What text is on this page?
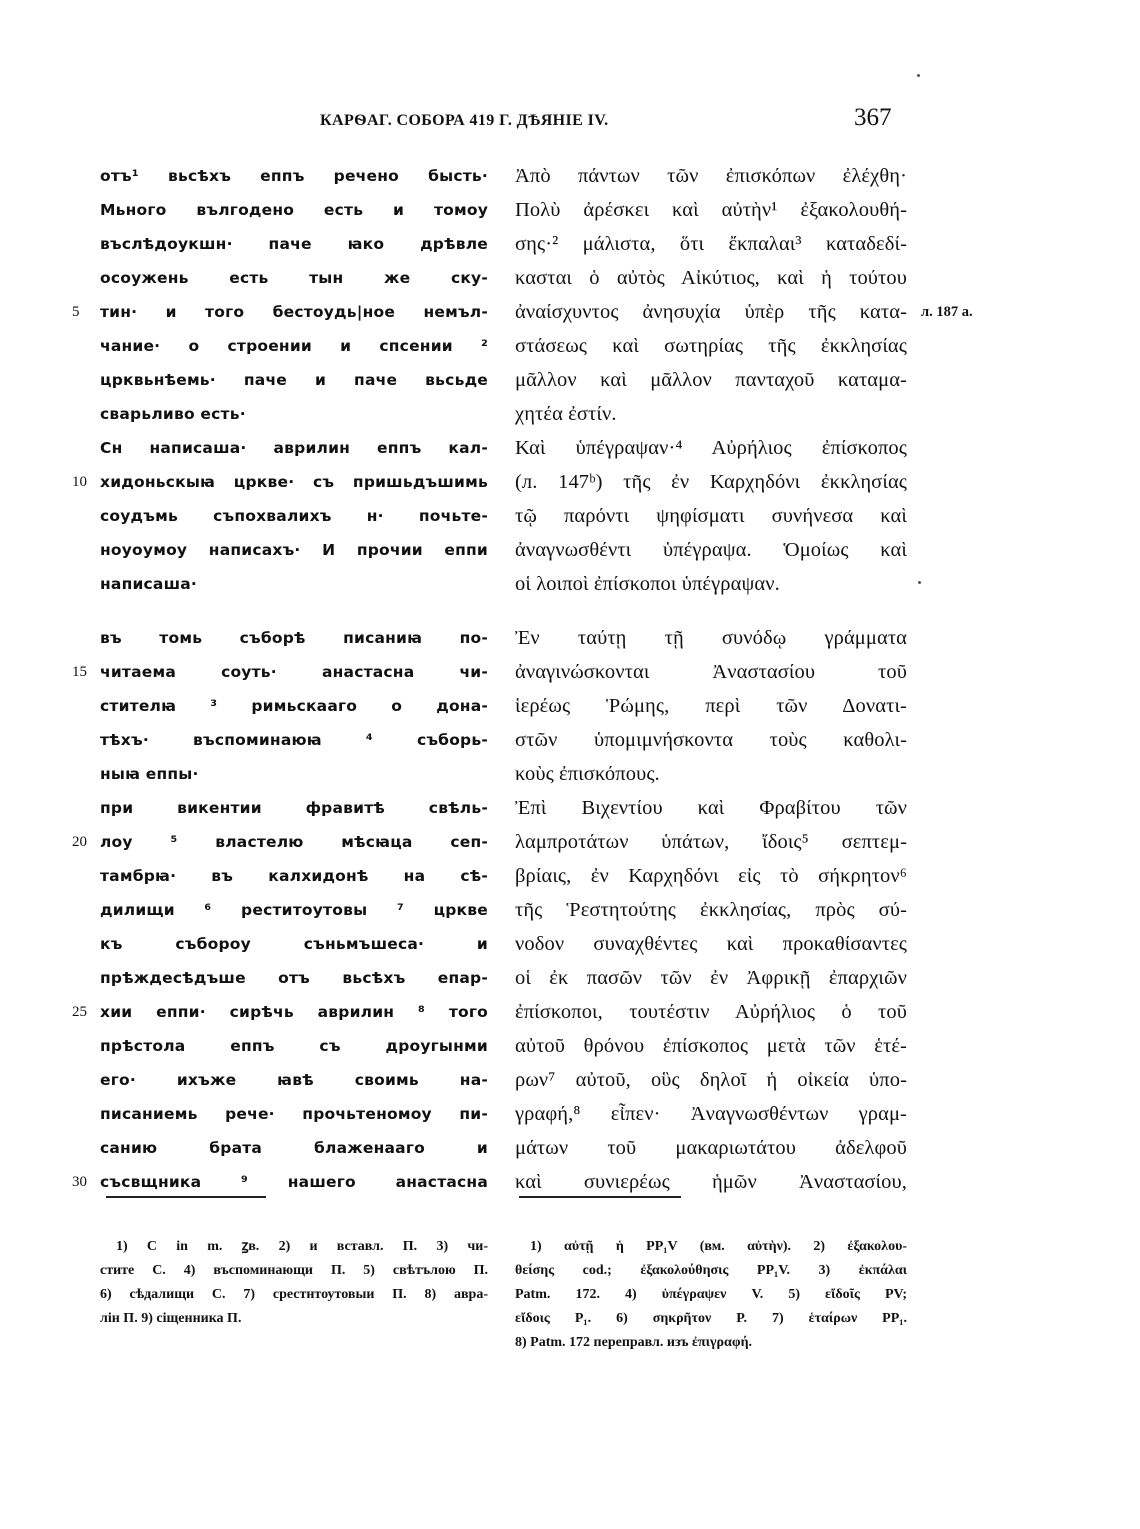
КАРѲАГ. СОБОРА 419 Г. ДѢЯНІЕ IV.	367
отъ¹ вьсѣхъ еппъ речено бысть·
Мьного вългодено есть и томоу
въслѣдоукшн· паче ꙗко дрѣвле
осоужень есть тын же ску-
тин· и того бестоудь|ное немъл-
чание· о строении и спсении ²
црквьнѣемь· паче и паче вьсьде
сварьливо есть·
Сн написаша· аврилин еппъ кал-
хидоньскыꙗ цркве· съ пришьдъшимь
соудъмь съпохвалихъ н· почьте-
ноуоумоу написахъ· И прочии еппи
написаша·
въ томь съборѣ писаниꙗ по-
читаема соуть· анастасна чи-
стителꙗ ³ римьскааго о дона-
тѣхъ· въспоминаюꙗ ⁴ съборь-
ныꙗ еппы·
при викентии фравитѣ свѣль-
лоу ⁵ властелю мѣсꙗца сеп-
тамбрꙗ· въ калхидонѣ на сѣ-
дилищи ⁶ реститоутовы ⁷ цркве
къ събороу съньмъшеса· и
прѣждесѣдъше отъ вьсѣхъ епар-
хии еппи· сирѣчь аврилин ⁸ того
прѣстола еппъ съ дроугынми
его· ихъже ꙗвѣ своимь на-
писаниемь рече· прочьтеномоу пи-
санию брата блаженааго и
съсвщника ⁹ нашего анастасна
5
10
15
20
25
30
Ἀπὸ πάντων τῶν ἐπισκόπων ἐλέχθη·
Πολὺ ἀρέσκει καὶ αὐτὴν¹ ἐξακολουθή-
σης·² μάλιστα, ὅτι ἔκπαλαι³ καταδεδί-
κασται ὁ αὐτὸς Αἰκύτιος, καὶ ἡ τούτου
ἀναίσχυντος ἀνησυχία ὑπὲρ τῆς κατα-
στάσεως καὶ σωτηρίας τῆς ἐκκλησίας
μᾶλλον καὶ μᾶλλον πανταχοῦ καταμα-
χητέα ἐστίν.
Καὶ ὑπέγραψαν·⁴ Αὐρήλιος ἐπίσκοπος
(л. 147ᵇ) τῆς ἐν Καρχηδόνι ἐκκλησίας
τῷ παρόντι ψηφίσματι συνήνεσα καὶ
ἀναγνωσθέντι ὑπέγραψα. Ὁμοίως καὶ
οἱ λοιποὶ ἐπίσκοποι ὑπέγραψαν.
Ἐν ταύτῃ τῇ συνόδῳ γράμματα
ἀναγινώσκονται Ἀναστασίου τοῦ
ἱερέως Ῥώμης, περὶ τῶν Δονατι-
στῶν ὑπομιμνήσκοντα τοὺς καθολι-
κοὺς ἐπισκόπους.
Ἐπὶ Βιχεντίου καὶ Φραβίτου τῶν
λαμπροτάτων ὑπάτων, ἴδοις⁵ σεπτεμ-
βρίαις, ἐν Καρχηδόνι εἰς τὸ σήκρητον⁶
τῆς Ῥεστητούτης ἐκκλησίας, πρὸς σύ-
νοδον συναχθέντες καὶ προκαθίσαντες
οἱ ἐκ πασῶν τῶν ἐν Ἀφρικῇ ἐπαρχιῶν
ἐπίσκοποι, τουτέστιν Αὐρήλιος ὁ τοῦ
αὐτοῦ θρόνου ἐπίσκοπος μετὰ τῶν ἑτέ-
ρων⁷ αὐτοῦ, οὓς δηλοῖ ἡ οἰκεία ὑπο-
γραφή,⁸ εἶπεν· Ἀναγνωσθέντων γραμ-
μάτων τοῦ μακαριωτάτου ἀδελφοῦ
καὶ συνιερέως ἡμῶν Ἀναστασίου,
л. 187 а.
1) С in m. ꙁв. 2) и вставл. П. 3) чи-
стите С. 4) въспоминающи П. 5) свѣтълою П.
6) сѣдалищи С. 7) срестнтоутовыи П. 8) авра-
лін П. 9) сіщенника П.
1) αὐτῇ ἡ PP₁V (вм. αὐτὴν). 2) ἐξακολου-
θείσης cod.; ἐξακολούθησις PP₁V. 3) ἐκπάλαι
Patm. 172. 4) ὑπέγραψεν V. 5) εἴδοῖς PV;
εἴδοις P₁. 6) σηκρῆτον P. 7) ἑταίρων PP₁.
8) Patm. 172 переправл. изъ ἐπιγραφή.
